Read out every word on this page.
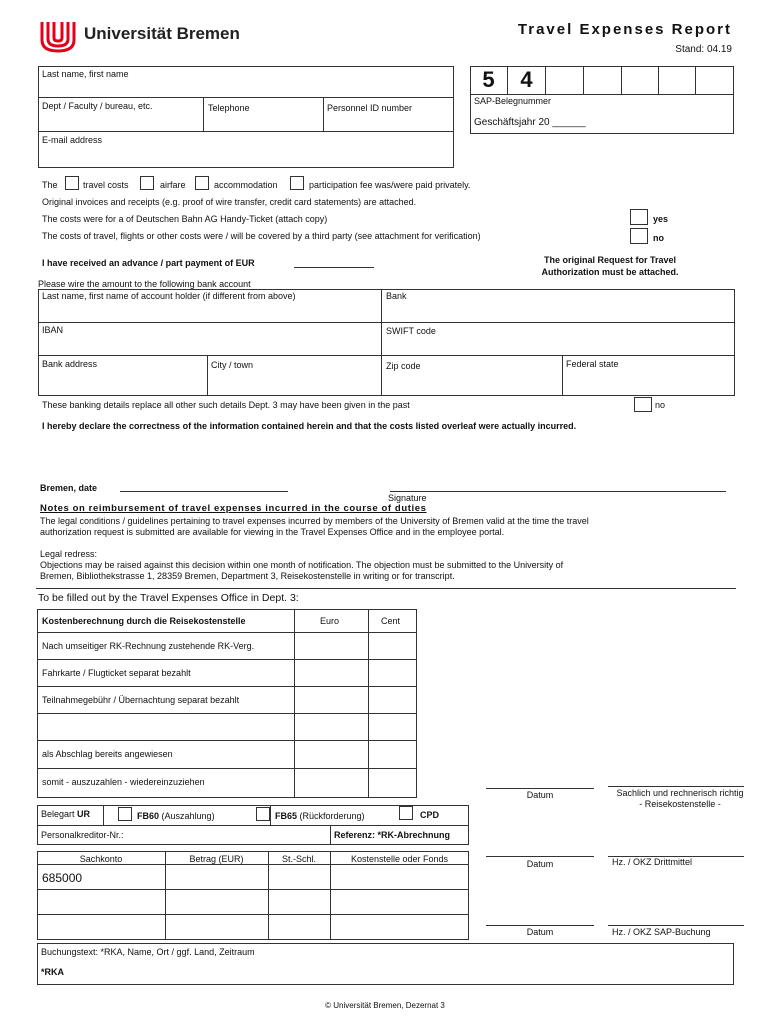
Universität Bremen	Travel Expenses Report
Stand: 04.19
Last name, first name
Dept / Faculty / bureau, etc.	Telephone	Personnel ID number
E-mail address
5	4
SAP-Belegnummer
Geschäftsjahr 20 ______
The	travel costs	airfare	accommodation	participation fee was/were paid privately.
Original invoices and receipts (e.g. proof of wire transfer, credit card statements) are attached.
The costs were for a of Deutschen Bahn AG Handy-Ticket (attach copy)
The costs of travel, flights or other costs were / will be covered by a third party (see attachment for verification)
yes
no
I have received an advance / part payment of EUR	The original Request for Travel
Authorization must be attached.
Please wire the amount to the following bank account
Last name, first name of account holder (if different from above)	Bank
IBAN	SWIFT code
Bank address	City / town	Zip code	Federal state
These banking details replace all other such details Dept. 3 may have been given in the past	no
I hereby declare the correctness of the information contained herein and that the costs listed overleaf were actually incurred.
Bremen, date
Signature
Notes on reimbursement of travel expenses incurred in the course of duties
The legal conditions / guidelines pertaining to travel expenses incurred by members of the University of Bremen valid at the time the travel
authorization request is submitted are available for viewing in the Travel Expenses Office and in the employee portal.
Legal redress:
Objections may be raised against this decision within one month of notification. The objection must be submitted to the University of
Bremen, Bibliothekstrasse 1, 28359 Bremen, Department 3, Reisekostenstelle in writing or for transcript.
To be filled out by the Travel Expenses Office in Dept. 3:
Kostenberechnung durch die Reisekostenstelle	Euro	Cent
Nach umseitiger RK-Rechnung zustehende RK-Verg.
Fahrkarte / Flugticket separat bezahlt
Teilnahmegebühr / Übernachtung separat bezahlt
als Abschlag bereits angewiesen
somit - auszuzahlen - wiedereinzuziehen
Belegart UR	FB60 (Auszahlung)	FB65 (Rückforderung)	CPD
Personalkreditor-Nr.:	Referenz: *RK-Abrechnung
Sachkonto	Betrag (EUR)	St.-Schl.	Kostenstelle oder Fonds
685000
Datum	Sachlich und rechnerisch richtig
- Reisekostenstelle -
Datum	Hz. / OKZ Drittmittel
Datum	Hz. / OKZ SAP-Buchung
Buchungstext: *RKA, Name, Ort / ggf. Land, Zeitraum
*RKA
© Universität Bremen, Dezernat 3
